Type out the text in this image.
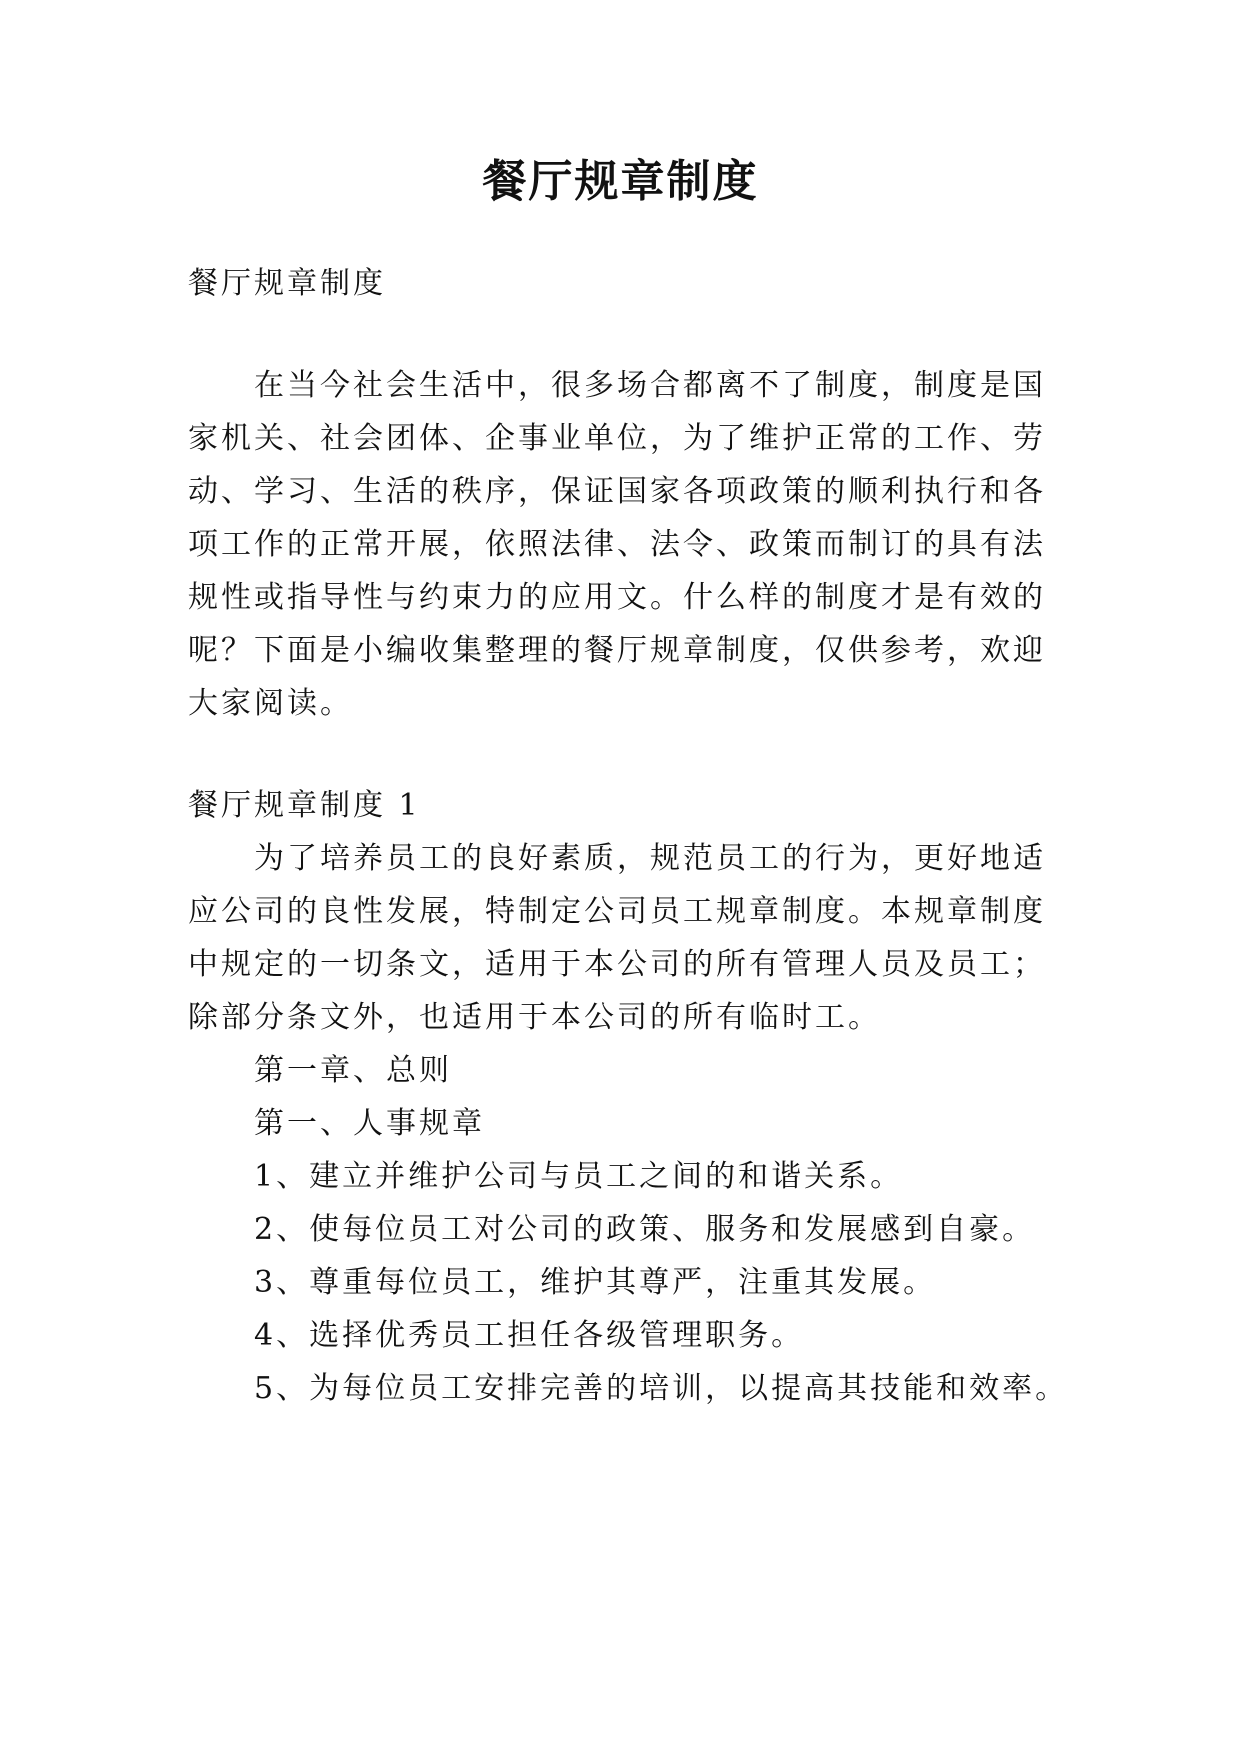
餐厅规章制度
餐厅规章制度
在当今社会生活中，很多场合都离不了制度，制度是国
家机关、社会团体、企事业单位，为了维护正常的工作、劳
动、学习、生活的秩序，保证国家各项政策的顺利执行和各
项工作的正常开展，依照法律、法令、政策而制订的具有法
规性或指导性与约束力的应用文。什么样的制度才是有效的
呢？下面是小编收集整理的餐厅规章制度，仅供参考，欢迎
大家阅读。
餐厅规章制度 1
为了培养员工的良好素质，规范员工的行为，更好地适
应公司的良性发展，特制定公司员工规章制度。本规章制度
中规定的一切条文，适用于本公司的所有管理人员及员工；
除部分条文外，也适用于本公司的所有临时工。
第一章、总则
第一、人事规章
1、建立并维护公司与员工之间的和谐关系。
2、使每位员工对公司的政策、服务和发展感到自豪。
3、尊重每位员工，维护其尊严，注重其发展。
4、选择优秀员工担任各级管理职务。
5、为每位员工安排完善的培训，以提高其技能和效率。
